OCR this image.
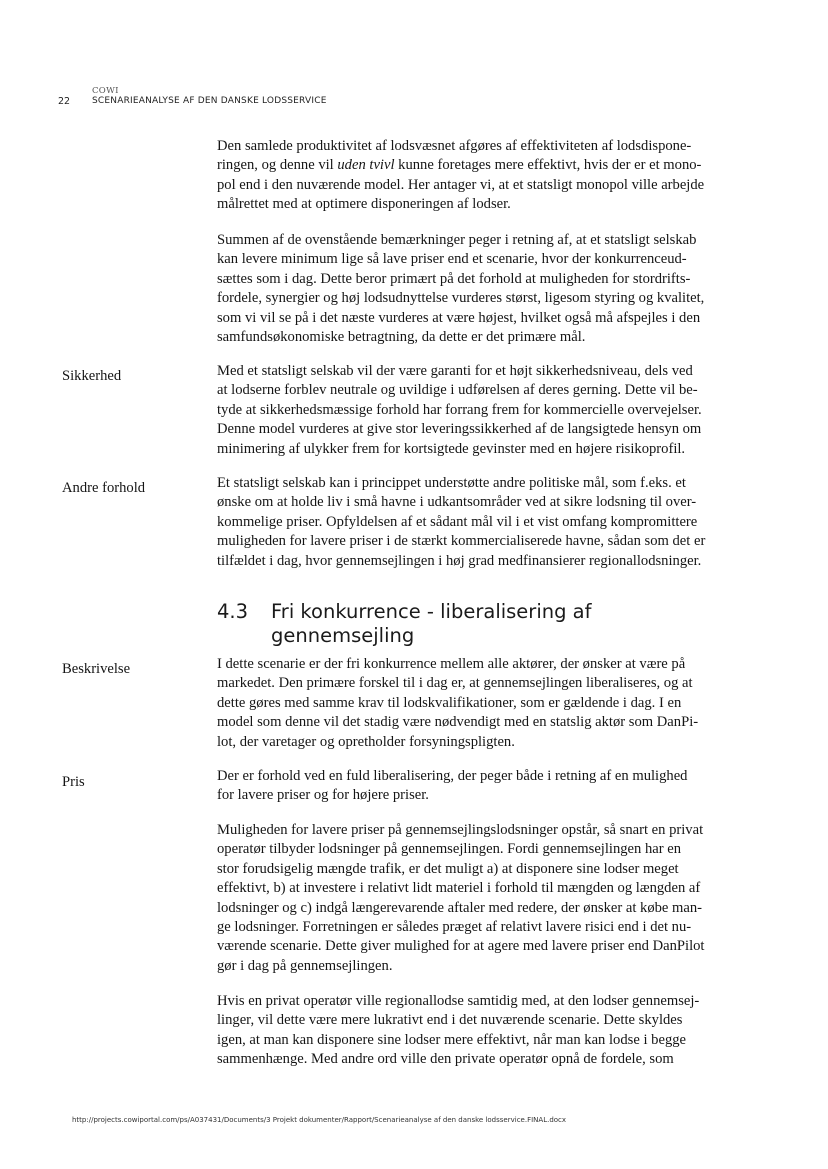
22
COWI
SCENARIEANALYSE AF DEN DANSKE LODSSERVICE
Sikkerhed
Andre forhold
Beskrivelse
Pris
Den samlede produktivitet af lodsvæsnet afgøres af effektiviteten af lodsdispone-
ringen, og denne vil uden tvivl kunne foretages mere effektivt, hvis der er et mono-
pol end i den nuværende model. Her antager vi, at et statsligt monopol ville arbejde
målrettet med at optimere disponeringen af lodser.
Summen af de ovenstående bemærkninger peger i retning af, at et statsligt selskab
kan levere minimum lige så lave priser end et scenarie, hvor der konkurrenceud-
sættes som i dag. Dette beror primært på det forhold at muligheden for stordrifts-
fordele, synergier og høj lodsudnyttelse vurderes størst, ligesom styring og kvalitet,
som vi vil se på i det næste vurderes at være højest, hvilket også må afspejles i den
samfundsøkonomiske betragtning, da dette er det primære mål.
Med et statsligt selskab vil der være garanti for et højt sikkerhedsniveau, dels ved
at lodserne forblev neutrale og uvildige i udførelsen af deres gerning. Dette vil be-
tyde at sikkerhedsmæssige forhold har forrang frem for kommercielle overvejelser.
Denne model vurderes at give stor leveringssikkerhed af de langsigtede hensyn om
minimering af ulykker frem for kortsigtede gevinster med en højere risikoprofil.
Et statsligt selskab kan i princippet understøtte andre politiske mål, som f.eks. et
ønske om at holde liv i små havne i udkantsområder ved at sikre lodsning til over-
kommelige priser. Opfyldelsen af et sådant mål vil i et vist omfang kompromittere
muligheden for lavere priser i de stærkt kommercialiserede havne, sådan som det er
tilfældet i dag, hvor gennemsejlingen i høj grad medfinansierer regionallodsninger.
4.3 Fri konkurrence - liberalisering af
gennemsejling
I dette scenarie er der fri konkurrence mellem alle aktører, der ønsker at være på
markedet. Den primære forskel til i dag er, at gennemsejlingen liberaliseres, og at
dette gøres med samme krav til lodskvalifikationer, som er gældende i dag. I en
model som denne vil det stadig være nødvendigt med en statslig aktør som DanPi-
lot, der varetager og opretholder forsyningspligten.
Der er forhold ved en fuld liberalisering, der peger både i retning af en mulighed
for lavere priser og for højere priser.
Muligheden for lavere priser på gennemsejlingslodsninger opstår, så snart en privat
operatør tilbyder lodsninger på gennemsejlingen. Fordi gennemsejlingen har en
stor forudsigelig mængde trafik, er det muligt a) at disponere sine lodser meget
effektivt, b) at investere i relativt lidt materiel i forhold til mængden og længden af
lodsninger og c) indgå længerevarende aftaler med redere, der ønsker at købe man-
ge lodsninger. Forretningen er således præget af relativt lavere risici end i det nu-
værende scenarie. Dette giver mulighed for at agere med lavere priser end DanPilot
gør i dag på gennemsejlingen.
Hvis en privat operatør ville regionallodse samtidig med, at den lodser gennemsej-
linger, vil dette være mere lukrativt end i det nuværende scenarie. Dette skyldes
igen, at man kan disponere sine lodser mere effektivt, når man kan lodse i begge
sammenhænge. Med andre ord ville den private operatør opnå de fordele, som
http://projects.cowiportal.com/ps/A037431/Documents/3 Projekt dokumenter/Rapport/Scenarieanalyse af den danske lodsservice.FINAL.docx
